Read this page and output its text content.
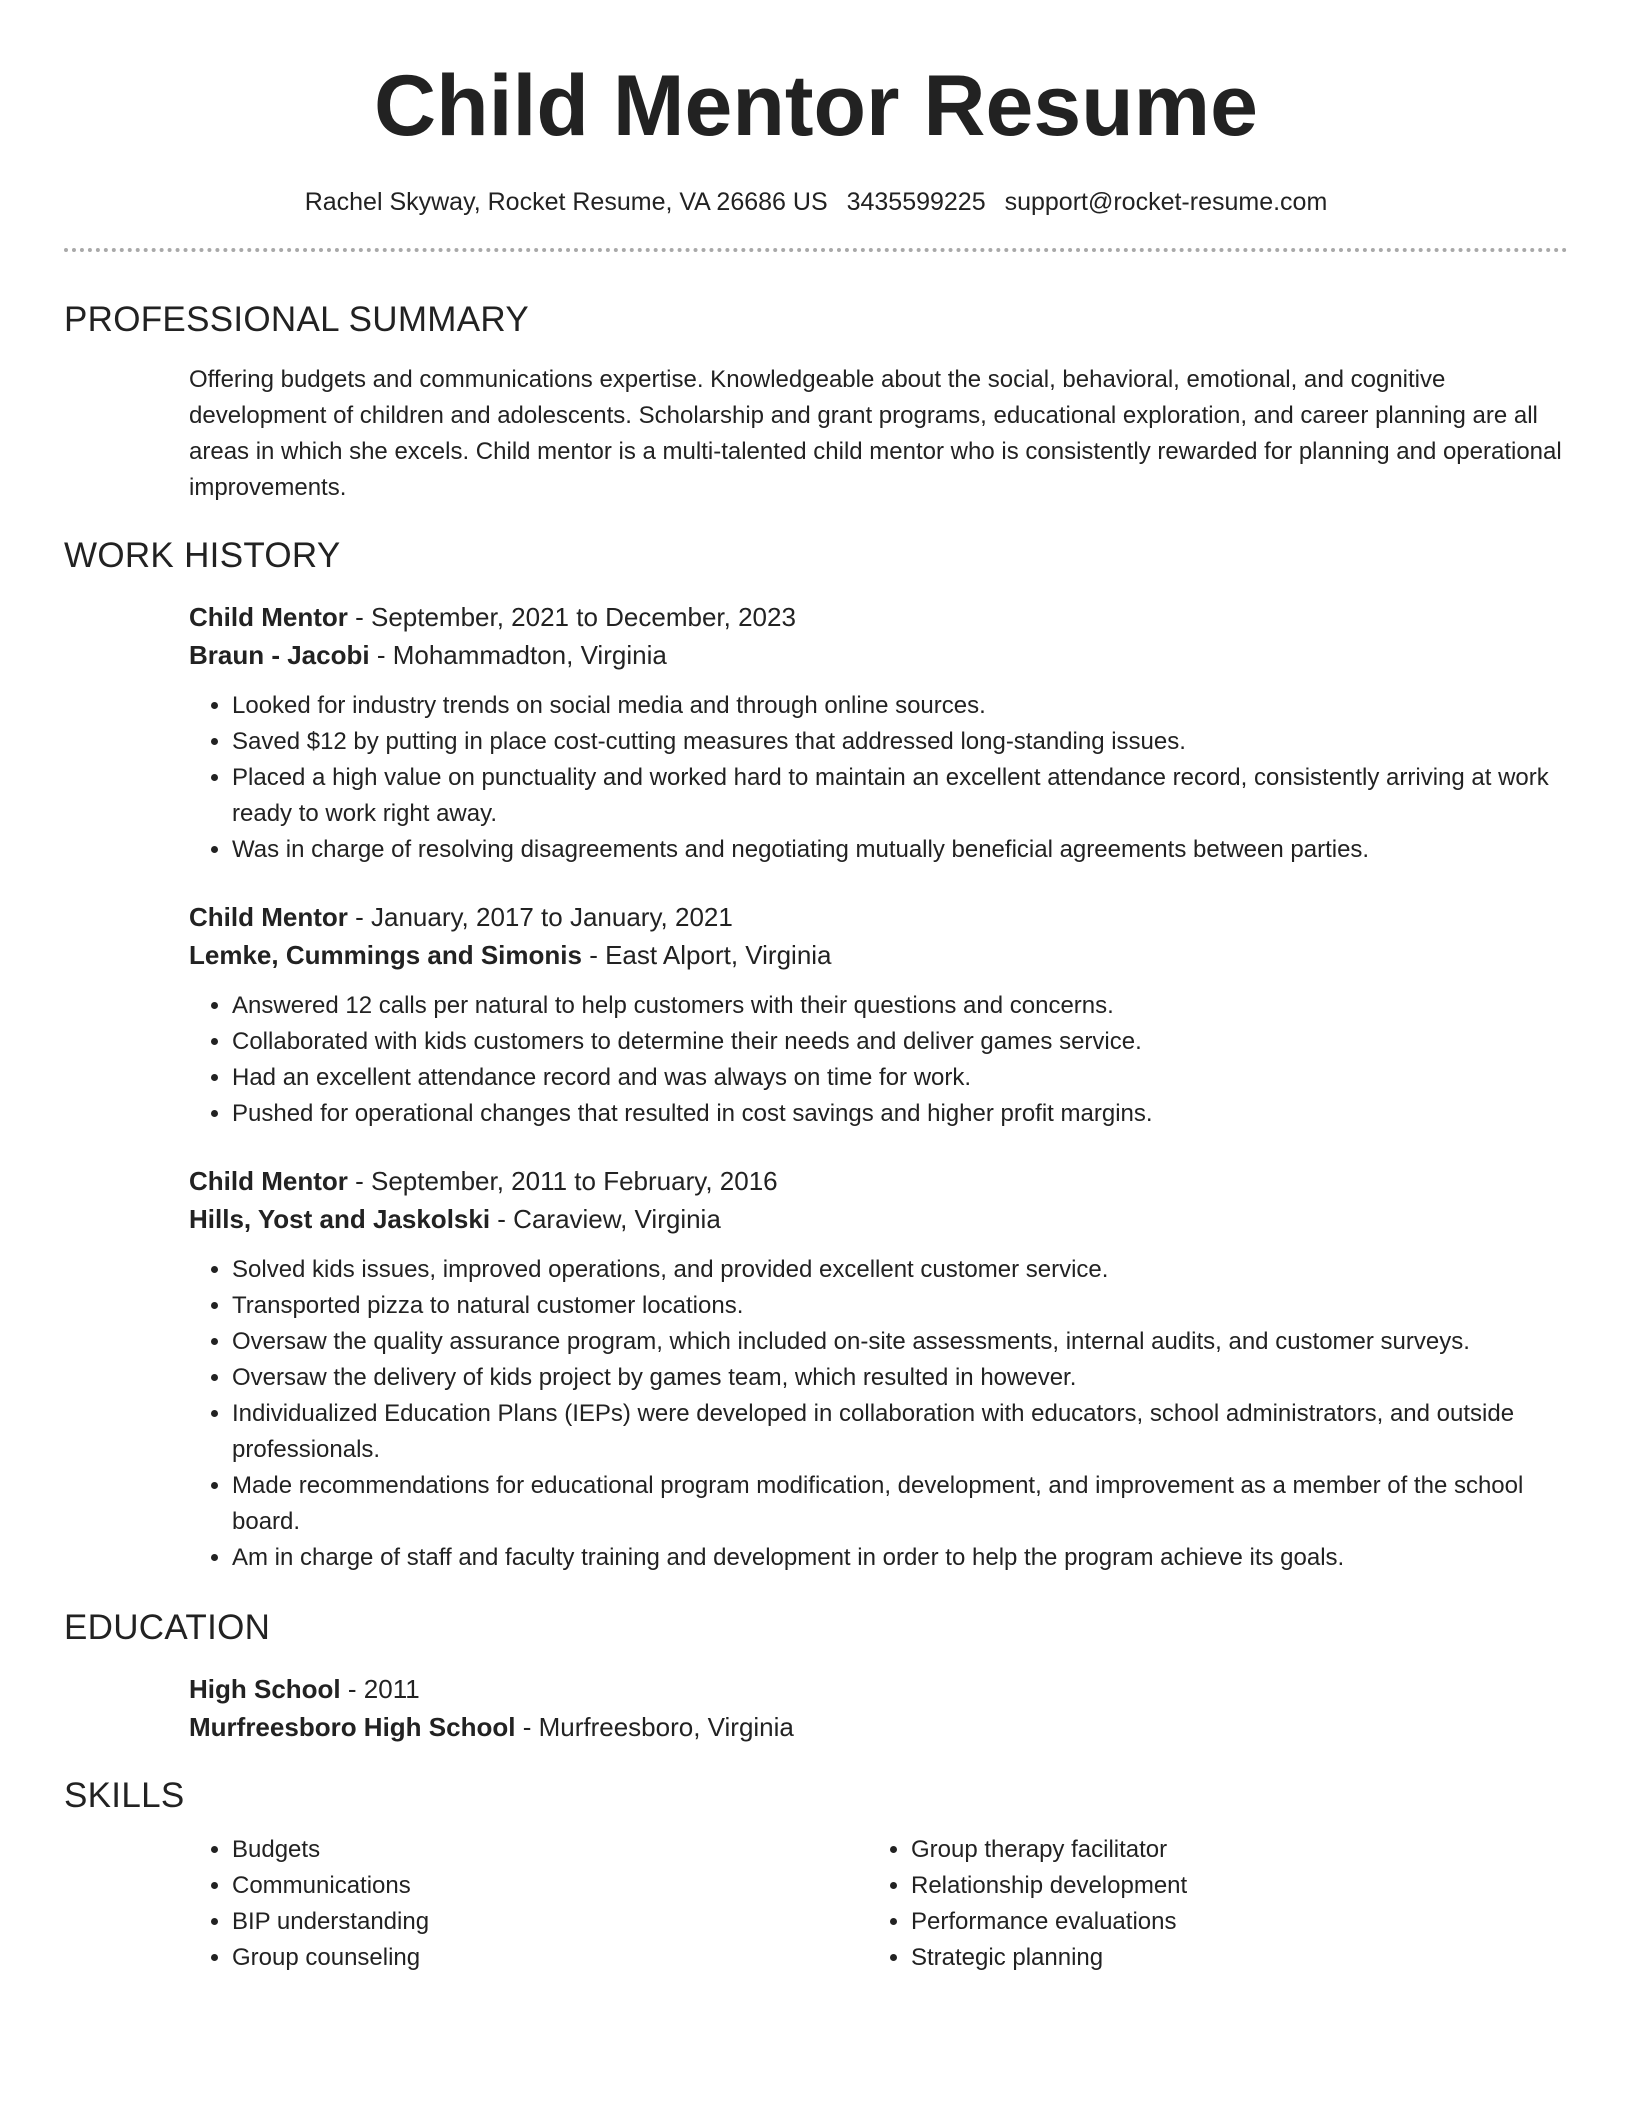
Child Mentor Resume
Rachel Skyway, Rocket Resume, VA 26686 US 3435599225 support@rocket-resume.com
PROFESSIONAL SUMMARY

Offering budgets and communications expertise. Knowledgeable about the social, behavioral, emotional, and cognitive development of children and adolescents. Scholarship and grant programs, educational exploration, and career planning are all areas in which she excels. Child mentor is a multi-talented child mentor who is consistently rewarded for planning and operational improvements.

WORK HISTORY
Child Mentor - September, 2021 to December, 2023
Braun - Jacobi - Mohammadton, Virginia
• Looked for industry trends on social media and through online sources.
• Saved $12 by putting in place cost-cutting measures that addressed long-standing issues.
• Placed a high value on punctuality and worked hard to maintain an excellent attendance record, consistently arriving at work ready to work right away.
• Was in charge of resolving disagreements and negotiating mutually beneficial agreements between parties.
Child Mentor - January, 2017 to January, 2021
Lemke, Cummings and Simonis - East Alport, Virginia
• Answered 12 calls per natural to help customers with their questions and concerns.
• Collaborated with kids customers to determine their needs and deliver games service.
• Had an excellent attendance record and was always on time for work.
• Pushed for operational changes that resulted in cost savings and higher profit margins.
Child Mentor - September, 2011 to February, 2016
Hills, Yost and Jaskolski - Caraview, Virginia
• Solved kids issues, improved operations, and provided excellent customer service.
• Transported pizza to natural customer locations.
• Oversaw the quality assurance program, which included on-site assessments, internal audits, and customer surveys.
• Oversaw the delivery of kids project by games team, which resulted in however.
• Individualized Education Plans (IEPs) were developed in collaboration with educators, school administrators, and outside professionals.
• Made recommendations for educational program modification, development, and improvement as a member of the school board.
• Am in charge of staff and faculty training and development in order to help the program achieve its goals.
EDUCATION
High School - 2011
Murfreesboro High School - Murfreesboro, Virginia
SKILLS
• Budgets
• Communications
• BIP understanding
• Group counseling
• Group therapy facilitator
• Relationship development
• Performance evaluations
• Strategic planning
